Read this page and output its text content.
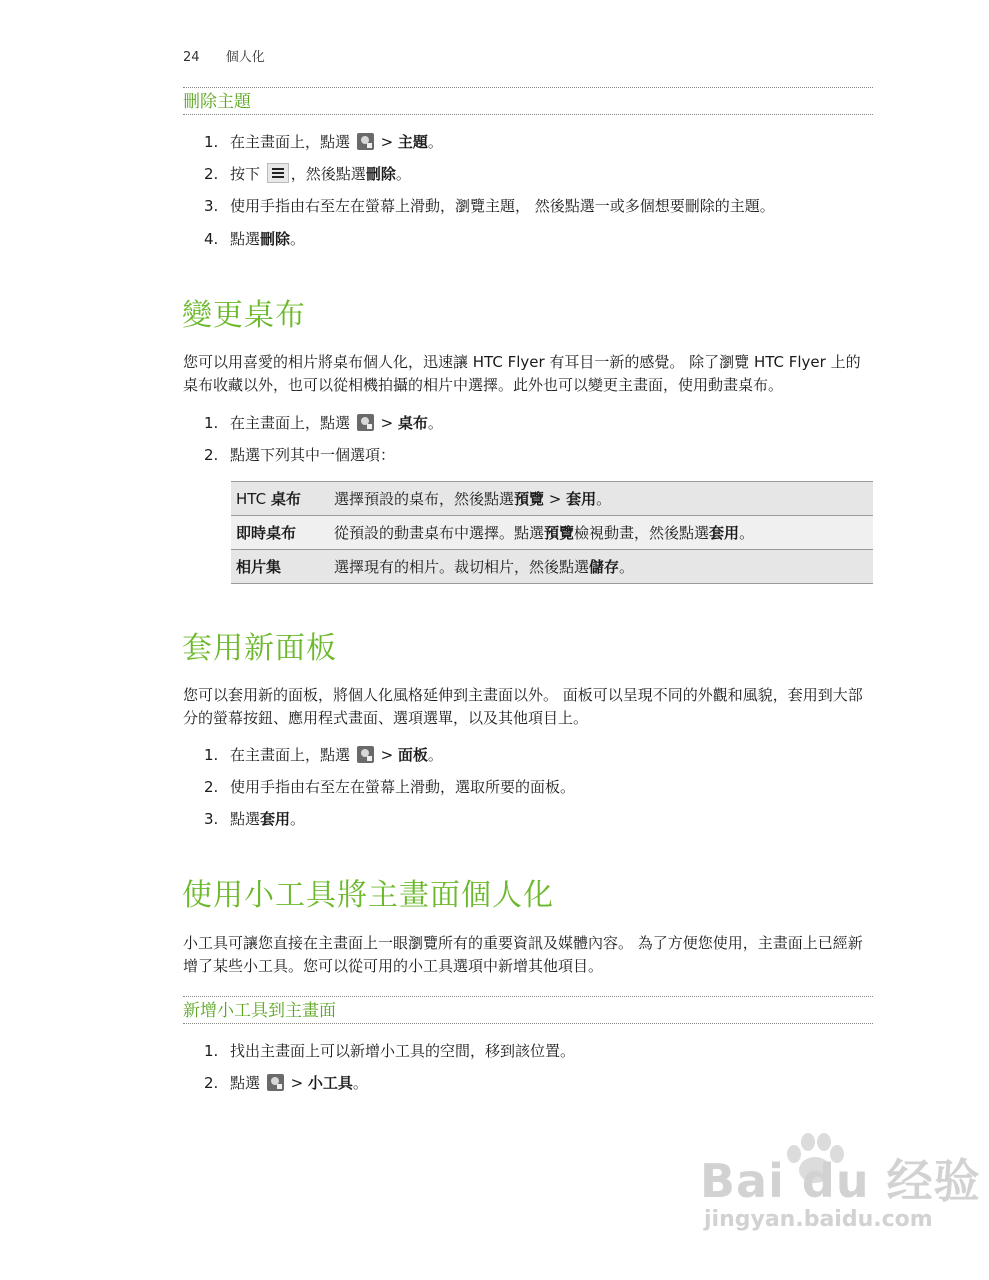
24 個人化
刪除主題
1. 在主畫面上，點選  > 主題。
2. 按下 ，然後點選刪除。
3. 使用手指由右至左在螢幕上滑動，瀏覽主題， 然後點選一或多個想要刪除的主題。
4. 點選刪除。
變更桌布

您可以用喜愛的相片將桌布個人化，迅速讓 HTC Flyer 有耳目一新的感覺。 除了瀏覽 HTC Flyer 上的桌布收藏以外，也可以從相機拍攝的相片中選擇。此外也可以變更主畫面，使用動畫桌布。

1. 在主畫面上，點選  > 桌布。
2. 點選下列其中一個選項：
HTC 桌布	選擇預設的桌布，然後點選預覽 > 套用。
即時桌布	從預設的動畫桌布中選擇。點選預覽檢視動畫，然後點選套用。
相片集	選擇現有的相片。裁切相片，然後點選儲存。
套用新面板

您可以套用新的面板，將個人化風格延伸到主畫面以外。 面板可以呈現不同的外觀和風貌，套用到大部分的螢幕按鈕、應用程式畫面、選項選單，以及其他項目上。

1. 在主畫面上，點選  > 面板。
2. 使用手指由右至左在螢幕上滑動，選取所要的面板。
3. 點選套用。
使用小工具將主畫面個人化

小工具可讓您直接在主畫面上一眼瀏覽所有的重要資訊及媒體內容。 為了方便您使用，主畫面上已經新增了某些小工具。您可以從可用的小工具選項中新增其他項目。

新增小工具到主畫面
1. 找出主畫面上可以新增小工具的空間，移到該位置。
2. 點選  > 小工具。
Bai du 经验
jingyan.baidu.com
